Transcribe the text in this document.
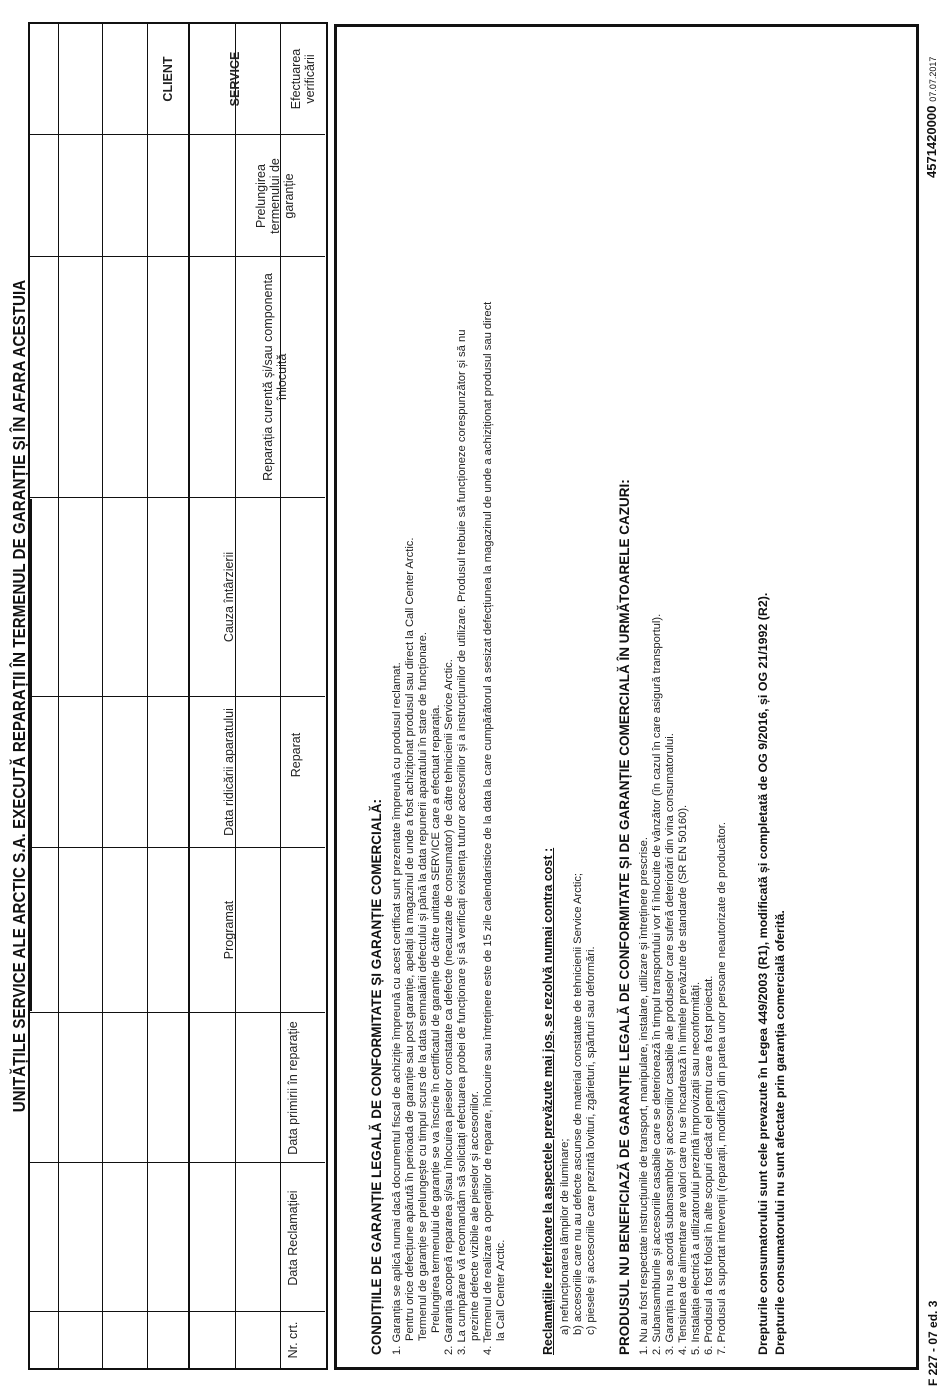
UNITĂȚILE SERVICE ALE ARCTIC S.A. EXECUTĂ REPARAȚII ÎN TERMENUL DE GARANȚIE ȘI ÎN AFARA ACESTUIA
Nr. crt.
Data Reclamației
Data primirii în reparație
Programat
Data ridicării aparatului
Cauza întârzierii
Reparat
Reparația curentă și/sau componenta înlocuită
Prelungirea termenului de garanție
Efectuarea verificării
SERVICE
CLIENT
CONDIȚIILE DE GARANȚIE LEGALĂ DE CONFORMITATE ȘI GARANȚIE COMERCIALĂ: 1. Garanția se aplică numai dacă documentul fiscal de achiziție împreună cu acest certificat sunt prezentate împreună cu produsul reclamat. Pentru orice defecțiune apărută în perioada de garanție sau post garanție, apelați la magazinul de unde a fost achiziționat produsul sau direct la Call Center Arctic. Termenul de garanție se prelungește cu timpul scurs de la data semnalării defectului și până la data repunerii aparatului în stare de funcționare. Prelungirea termenului de garanție se va înscrie în certificatul de garanție de către unitatea SERVICE care a efectuat reparația. 2. Garanția acoperă repararea și/sau înlocuirea pieselor constatate ca defecte (necauzate de consumator) de către tehnicienii Service Arctic. 3. La cumpărare vă recomandăm să solicitați efectuarea probei de funcționare și să verificați existența tuturor accesoriilor și a instrucțiunilor de utilizare. Produsul trebuie să funcționeze corespunzător și să nu prezinte defecte vizibile ale pieselor și accesoriilor. 4. Termenul de realizare a operațiilor de reparare, înlocuire sau întreținere este de 15 zile calendaristice de la data la care cumpărătorul a sesizat defecțiunea la magazinul de unde a achiziționat produsul sau direct la Call Center Arctic.	Reclamațiile referitoare la aspectele prevăzute mai jos, se rezolvă numai contra cost : a) nefuncționarea lămpilor de iluminare; b) accesoriile care nu au defecte ascunse de material constatate de tehnicienii Service Arctic; c) piesele și accesoriile care prezintă lovituri, zgârieturi, spărturi sau deformări. PRODUSUL NU BENEFICIAZĂ DE GARANȚIE LEGALĂ DE CONFORMITATE ȘI DE GARANȚIE COMERCIALĂ ÎN URMĂTOARELE CAZURI: 1. Nu au fost respectate instrucțiunile de transport, manipulare, instalare, utilizare și întreținere prescrise. 2. Subansamblurile și accesoriile casabile care se deteriorează în timpul transportului vor fi înlocuite de vânzător (în cazul în care asigură transportul). 3. Garanția nu se acordă subansamblor și accesoriilor casabile ale produselor care suferă deteriorări din vina consumatorului. 4. Tensiunea de alimentare are valori care nu se încadrează în limitele prevăzute de standarde (SR EN 50160). 5. Instalația electrică a utilizatorului prezintă improvizații sau neconformități. 6. Produsul a fost folosit în alte scopuri decât cel pentru care a fost proiectat. 7. Produsul a suportat intervenții (reparații, modificări) din partea unor persoane neautorizate de producător. Drepturile consumatorului sunt cele prevazute în Legea 449/2003 (R1), modificată și completată de OG 9/2016, și OG 21/1992 (R2). Drepturile consumatorului nu sunt afectate prin garanția comercială oferită.	F 227 - 07 ed. 3
457142000007.07.2017
